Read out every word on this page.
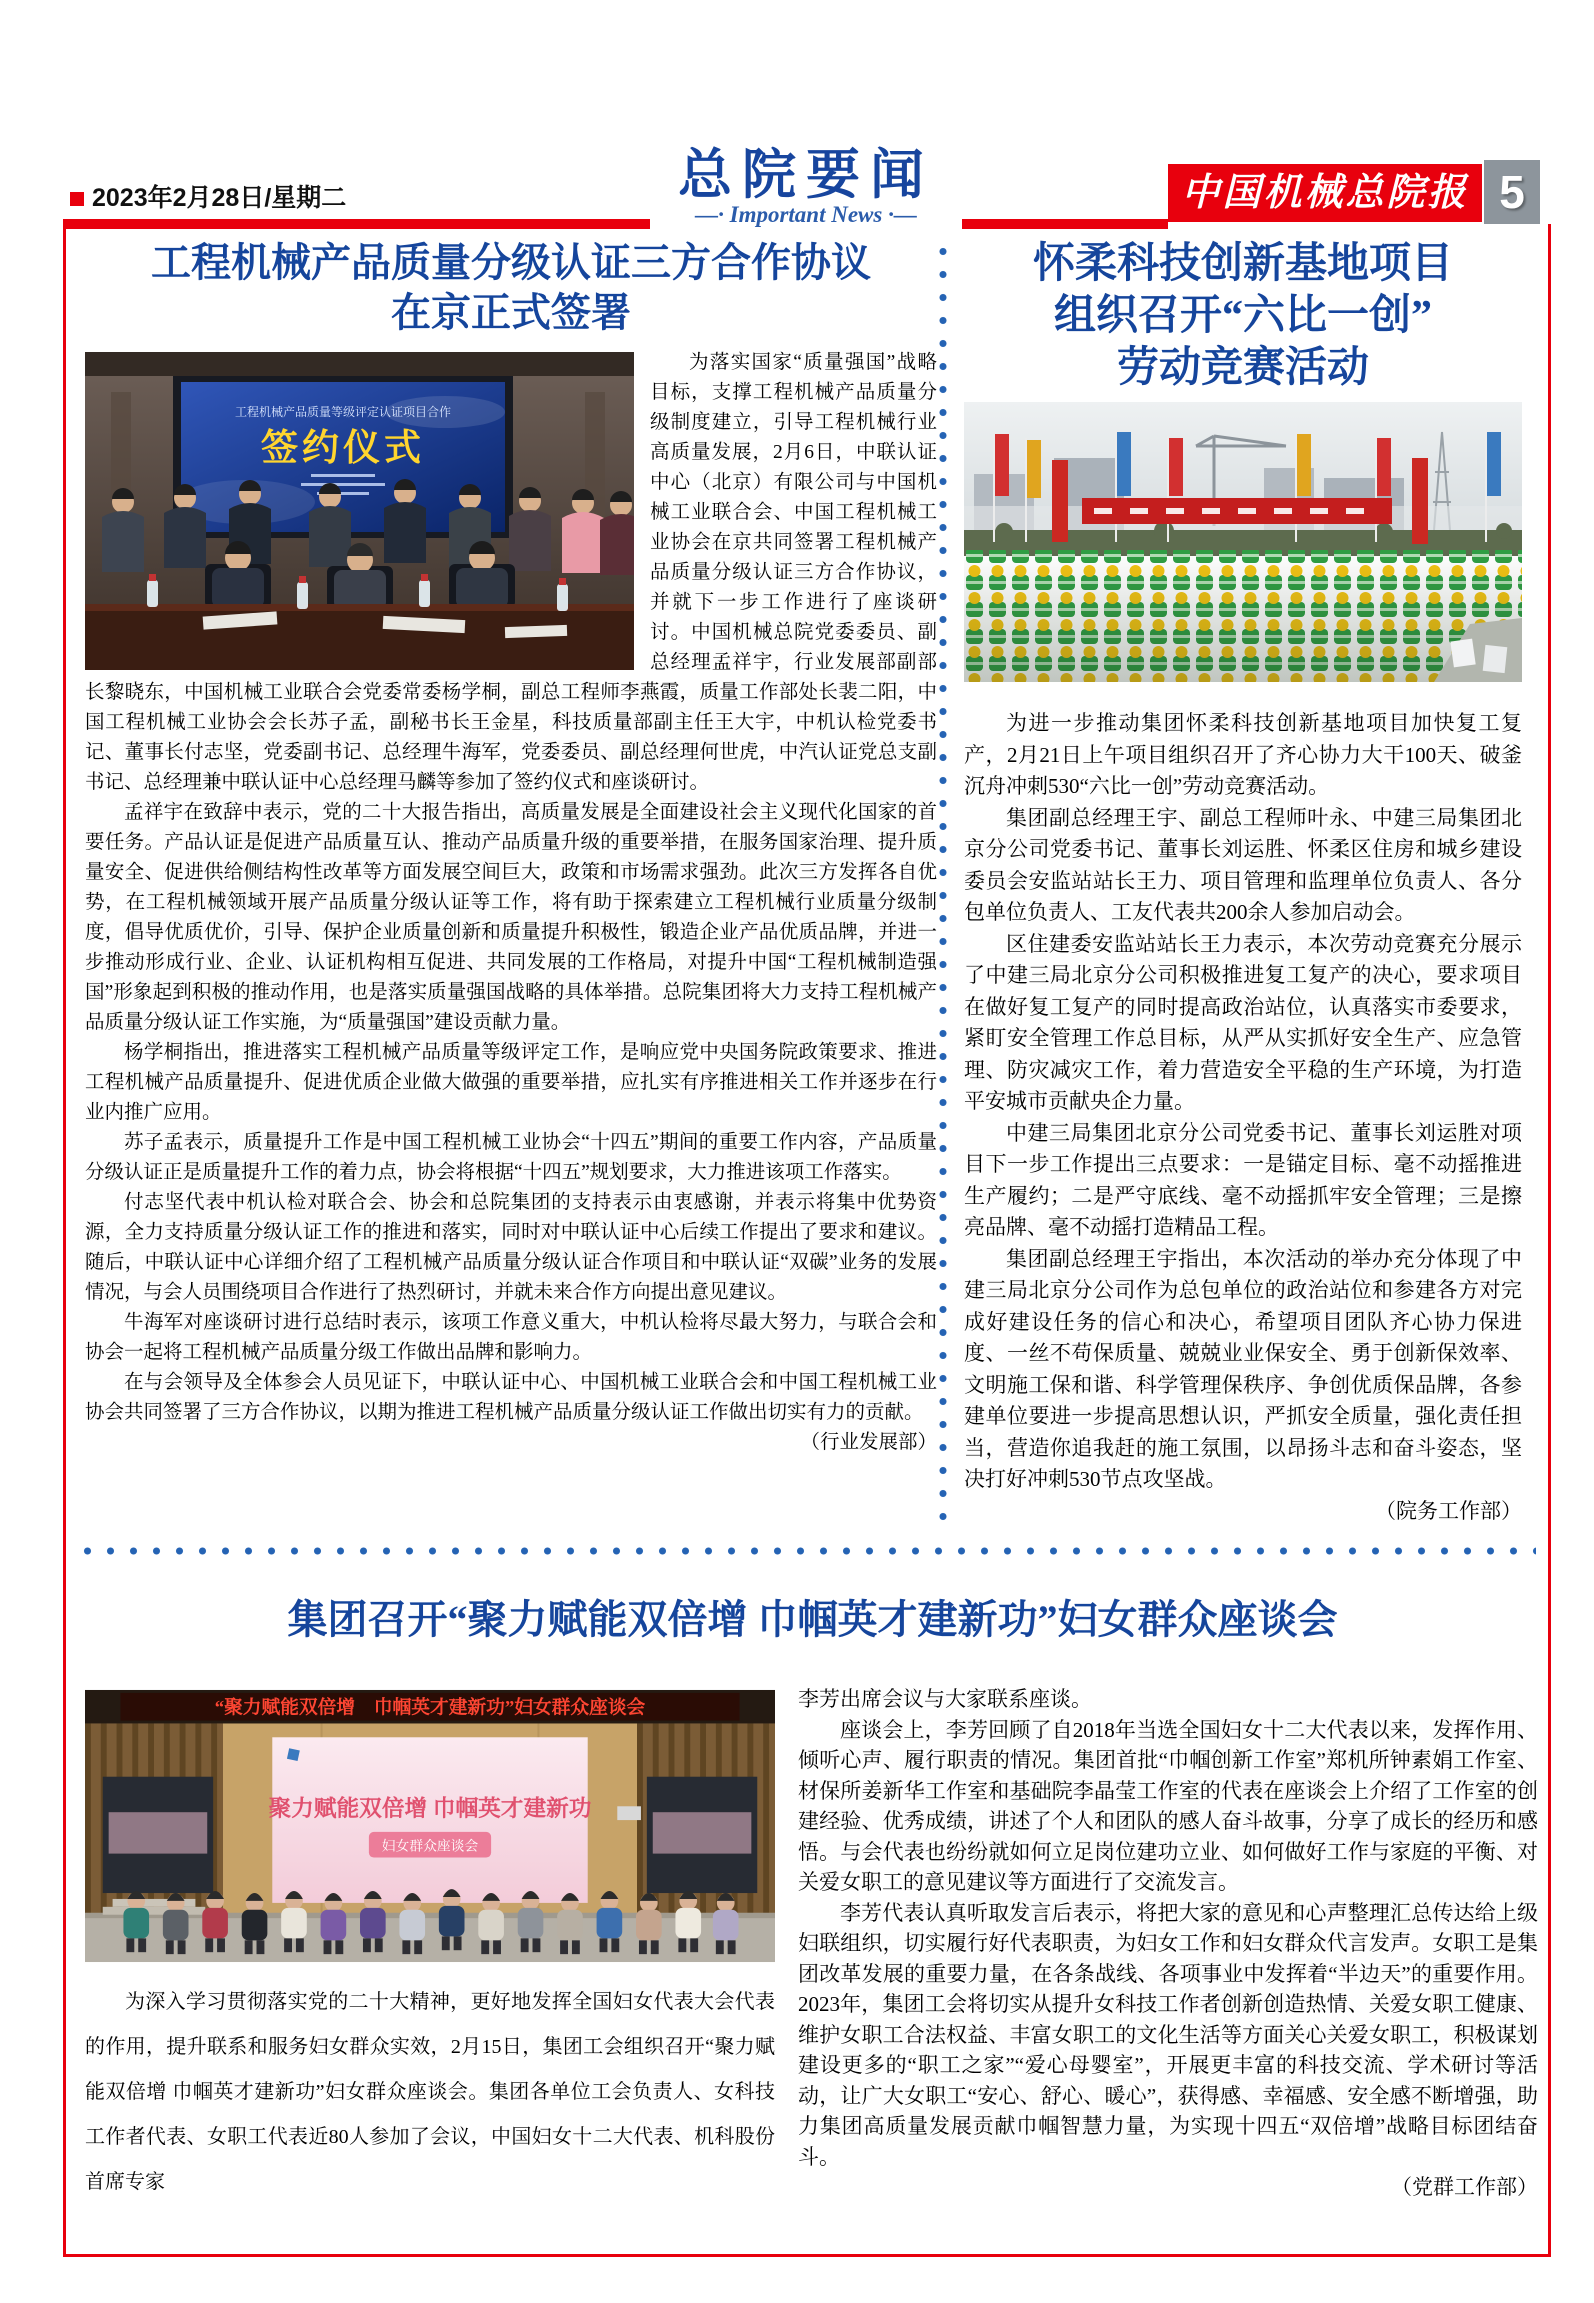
2023年2月28日/星期二	总院要闻
—· Important News ·—
中国机械总院报 5
工程机械产品质量分级认证三方合作协议
在京正式签署
工程机械产品质量等级评定认证项目合作
签约仪式

为落实国家“质量强国”战略目标，支撑工程机械产品质量分级制度建立，引导工程机械行业高质量发展，2月6日，中联认证中心（北京）有限公司与中国机械工业联合会、中国工程机械工业协会在京共同签署工程机械产品质量分级认证三方合作协议，并就下一步工作进行了座谈研讨。中国机械总院党委委员、副总经理孟祥宇，行业发展部副部长黎晓东，中国机械工业联合会党委常委杨学桐，副总工程师李燕霞，质量工作部处长裴二阳，中国工程机械工业协会会长苏子孟，副秘书长王金星，科技质量部副主任王大宇，中机认检党委书记、董事长付志坚，党委副书记、总经理牛海军，党委委员、副总经理何世虎，中汽认证党总支副书记、总经理兼中联认证中心总经理马麟等参加了签约仪式和座谈研讨。

孟祥宇在致辞中表示，党的二十大报告指出，高质量发展是全面建设社会主义现代化国家的首要任务。产品认证是促进产品质量互认、推动产品质量升级的重要举措，在服务国家治理、提升质量安全、促进供给侧结构性改革等方面发展空间巨大，政策和市场需求强劲。此次三方发挥各自优势，在工程机械领域开展产品质量分级认证等工作，将有助于探索建立工程机械行业质量分级制度，倡导优质优价，引导、保护企业质量创新和质量提升积极性，锻造企业产品优质品牌，并进一步推动形成行业、企业、认证机构相互促进、共同发展的工作格局，对提升中国“工程机械制造强国”形象起到积极的推动作用，也是落实质量强国战略的具体举措。总院集团将大力支持工程机械产品质量分级认证工作实施，为“质量强国”建设贡献力量。

杨学桐指出，推进落实工程机械产品质量等级评定工作，是响应党中央国务院政策要求、推进工程机械产品质量提升、促进优质企业做大做强的重要举措，应扎实有序推进相关工作并逐步在行业内推广应用。

苏子孟表示，质量提升工作是中国工程机械工业协会“十四五”期间的重要工作内容，产品质量分级认证正是质量提升工作的着力点，协会将根据“十四五”规划要求，大力推进该项工作落实。

付志坚代表中机认检对联合会、协会和总院集团的支持表示由衷感谢，并表示将集中优势资源，全力支持质量分级认证工作的推进和落实，同时对中联认证中心后续工作提出了要求和建议。随后，中联认证中心详细介绍了工程机械产品质量分级认证合作项目和中联认证“双碳”业务的发展情况，与会人员围绕项目合作进行了热烈研讨，并就未来合作方向提出意见建议。

牛海军对座谈研讨进行总结时表示，该项工作意义重大，中机认检将尽最大努力，与联合会和协会一起将工程机械产品质量分级工作做出品牌和影响力。

在与会领导及全体参会人员见证下，中联认证中心、中国机械工业联合会和中国工程机械工业协会共同签署了三方合作协议，以期为推进工程机械产品质量分级认证工作做出切实有力的贡献。

（行业发展部）

怀柔科技创新基地项目
组织召开“六比一创”
劳动竞赛活动

为进一步推动集团怀柔科技创新基地项目加快复工复产，2月21日上午项目组织召开了齐心协力大干100天、破釜沉舟冲刺530“六比一创”劳动竞赛活动。

集团副总经理王宇、副总工程师叶永、中建三局集团北京分公司党委书记、董事长刘运胜、怀柔区住房和城乡建设委员会安监站站长王力、项目管理和监理单位负责人、各分包单位负责人、工友代表共200余人参加启动会。

区住建委安监站站长王力表示，本次劳动竞赛充分展示了中建三局北京分公司积极推进复工复产的决心，要求项目在做好复工复产的同时提高政治站位，认真落实市委要求，紧盯安全管理工作总目标，从严从实抓好安全生产、应急管理、防灾减灾工作，着力营造安全平稳的生产环境，为打造平安城市贡献央企力量。

中建三局集团北京分公司党委书记、董事长刘运胜对项目下一步工作提出三点要求：一是锚定目标、毫不动摇推进生产履约；二是严守底线、毫不动摇抓牢安全管理；三是擦亮品牌、毫不动摇打造精品工程。

集团副总经理王宇指出，本次活动的举办充分体现了中建三局北京分公司作为总包单位的政治站位和参建各方对完成好建设任务的信心和决心，希望项目团队齐心协力保进度、一丝不苟保质量、兢兢业业保安全、勇于创新保效率、文明施工保和谐、科学管理保秩序、争创优质保品牌，各参建单位要进一步提高思想认识，严抓安全质量，强化责任担当，营造你追我赶的施工氛围，以昂扬斗志和奋斗姿态，坚决打好冲刺530节点攻坚战。

（院务工作部）

集团召开“聚力赋能双倍增 巾帼英才建新功”妇女群众座谈会
“聚力赋能双倍增　巾帼英才建新功”妇女群众座谈会
聚力赋能双倍增 巾帼英才建新功
妇女群众座谈会

为深入学习贯彻落实党的二十大精神，更好地发挥全国妇女代表大会代表的作用，提升联系和服务妇女群众实效，2月15日，集团工会组织召开“聚力赋能双倍增 巾帼英才建新功”妇女群众座谈会。集团各单位工会负责人、女科技工作者代表、女职工代表近80人参加了会议，中国妇女十二大代表、机科股份首席专家

李芳出席会议与大家联系座谈。

座谈会上，李芳回顾了自2018年当选全国妇女十二大代表以来，发挥作用、倾听心声、履行职责的情况。集团首批“巾帼创新工作室”郑机所钟素娟工作室、材保所姜新华工作室和基础院李晶莹工作室的代表在座谈会上介绍了工作室的创建经验、优秀成绩，讲述了个人和团队的感人奋斗故事，分享了成长的经历和感悟。与会代表也纷纷就如何立足岗位建功立业、如何做好工作与家庭的平衡、对关爱女职工的意见建议等方面进行了交流发言。

李芳代表认真听取发言后表示，将把大家的意见和心声整理汇总传达给上级妇联组织，切实履行好代表职责，为妇女工作和妇女群众代言发声。女职工是集团改革发展的重要力量，在各条战线、各项事业中发挥着“半边天”的重要作用。2023年，集团工会将切实从提升女科技工作者创新创造热情、关爱女职工健康、维护女职工合法权益、丰富女职工的文化生活等方面关心关爱女职工，积极谋划建设更多的“职工之家”“爱心母婴室”，开展更丰富的科技交流、学术研讨等活动，让广大女职工“安心、舒心、暖心”，获得感、幸福感、安全感不断增强，助力集团高质量发展贡献巾帼智慧力量，为实现十四五“双倍增”战略目标团结奋斗。

（党群工作部）
